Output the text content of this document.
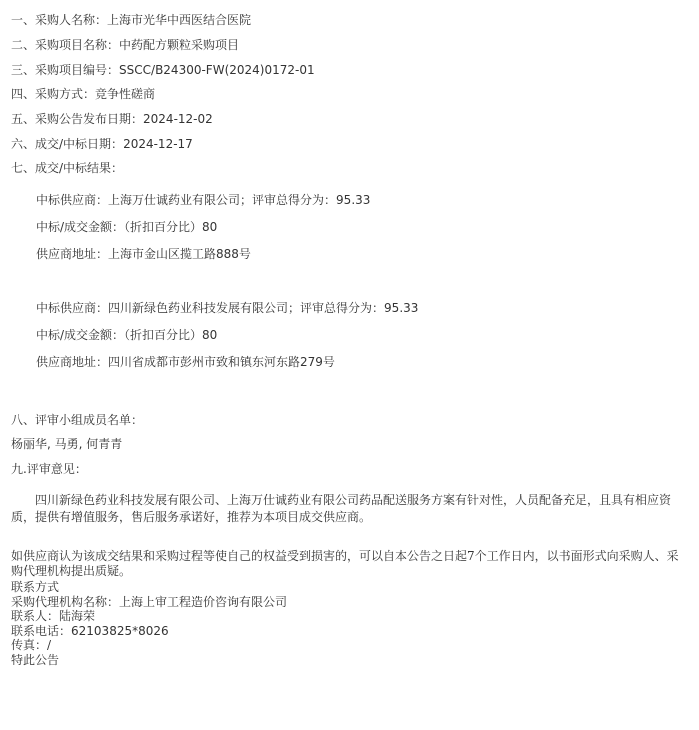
一、采购人名称：上海市光华中西医结合医院
二、采购项目名称：中药配方颗粒采购项目
三、采购项目编号：SSCC/B24300-FW(2024)0172-01
四、采购方式：竞争性磋商
五、采购公告发布日期：2024-12-02
六、成交/中标日期：2024-12-17
七、成交/中标结果：
中标供应商：上海万仕诚药业有限公司；评审总得分为：95.33
中标/成交金额：（折扣百分比）80
供应商地址：上海市金山区揽工路888号
中标供应商：四川新绿色药业科技发展有限公司；评审总得分为：95.33
中标/成交金额：（折扣百分比）80
供应商地址：四川省成都市彭州市致和镇东河东路279号
八、评审小组成员名单：
杨丽华, 马勇, 何青青
九.评审意见：
四川新绿色药业科技发展有限公司、上海万仕诚药业有限公司药品配送服务方案有针对性，人员配备充足，且具有相应资质，提供有增值服务，售后服务承诺好，推荐为本项目成交供应商。
如供应商认为该成交结果和采购过程等使自己的权益受到损害的，可以自本公告之日起7个工作日内，以书面形式向采购人、采购代理机构提出质疑。
联系方式
采购代理机构名称：上海上审工程造价咨询有限公司
联系人：陆海荣
联系电话：62103825*8026
传真：/
特此公告
